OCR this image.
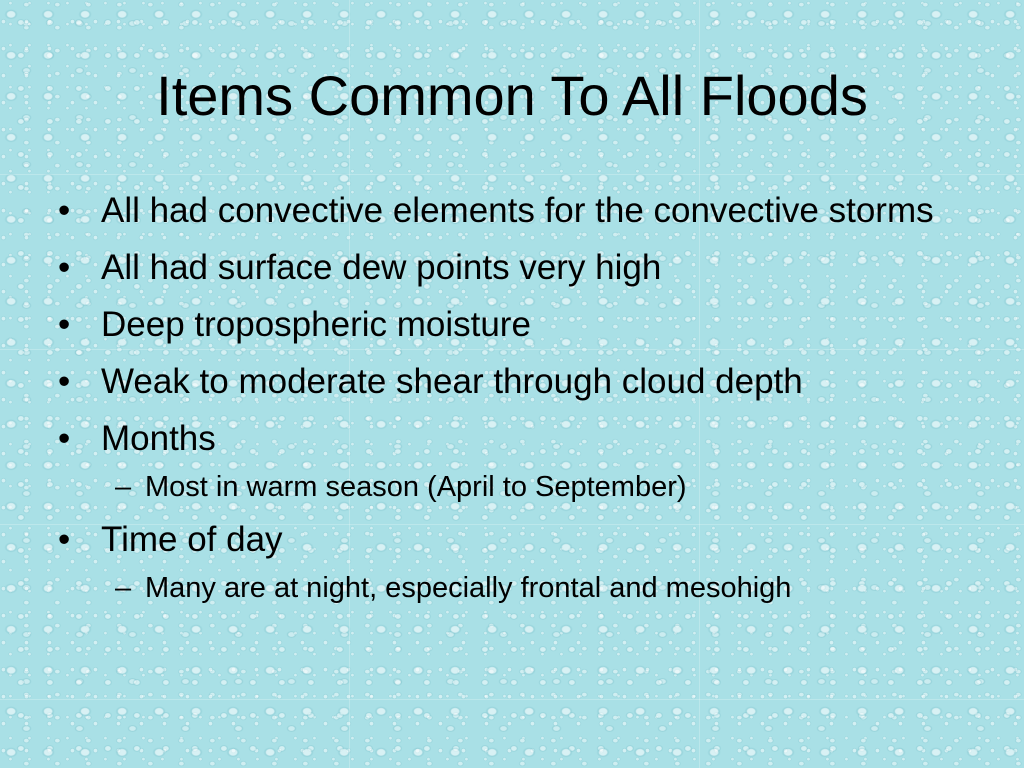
Items Common To All Floods
• All had convective elements for the convective storms
• All had surface dew points very high
• Deep tropospheric moisture
• Weak to moderate shear through cloud depth
• Months
– Most in warm season (April to September)
• Time of day
– Many are at night, especially frontal and mesohigh
